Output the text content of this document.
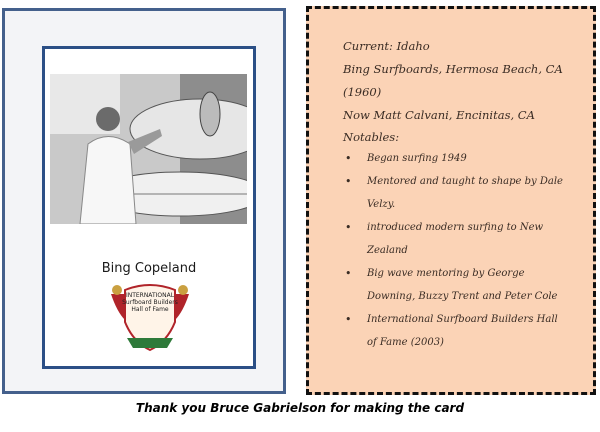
Bing Copeland
INTERNATIONAL Surfboard Builders Hall of Fame
Current: Idaho
Bing Surfboards, Hermosa Beach, CA
(1960)
Now Matt Calvani, Encinitas, CA
Notables:
• Began surfing 1949
• Mentored and taught to shape by Dale
Velzy.
• introduced modern surfing to New
Zealand
• Big wave mentoring by George
Downing, Buzzy Trent and Peter Cole
• International Surfboard Builders Hall
of Fame (2003)
Thank you Bruce Gabrielson for making the card
